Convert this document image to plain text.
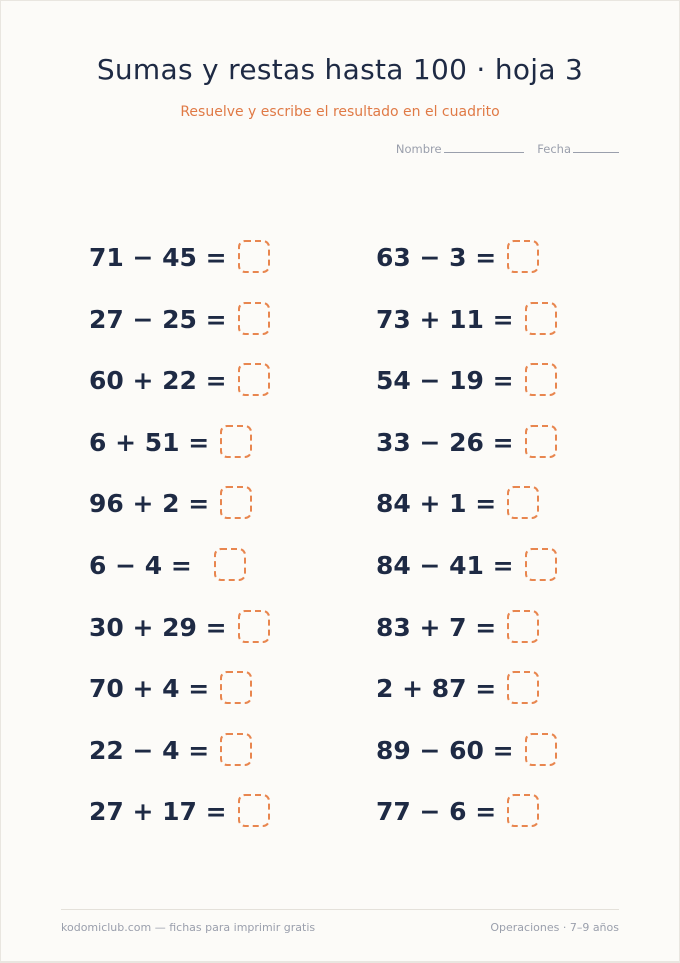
Sumas y restas hasta 100 · hoja 3
Resuelve y escribe el resultado en el cuadrito
Nombre	Fecha
71 − 45 =
27 − 25 =
60 + 22 =
6 + 51 =
96 + 2 =
6 − 4 =
30 + 29 =
70 + 4 =
22 − 4 =
27 + 17 =
63 − 3 =
73 + 11 =
54 − 19 =
33 − 26 =
84 + 1 =
84 − 41 =
83 + 7 =
2 + 87 =
89 − 60 =
77 − 6 =
kodomiclub.com — fichas para imprimir gratis	Operaciones · 7–9 años
